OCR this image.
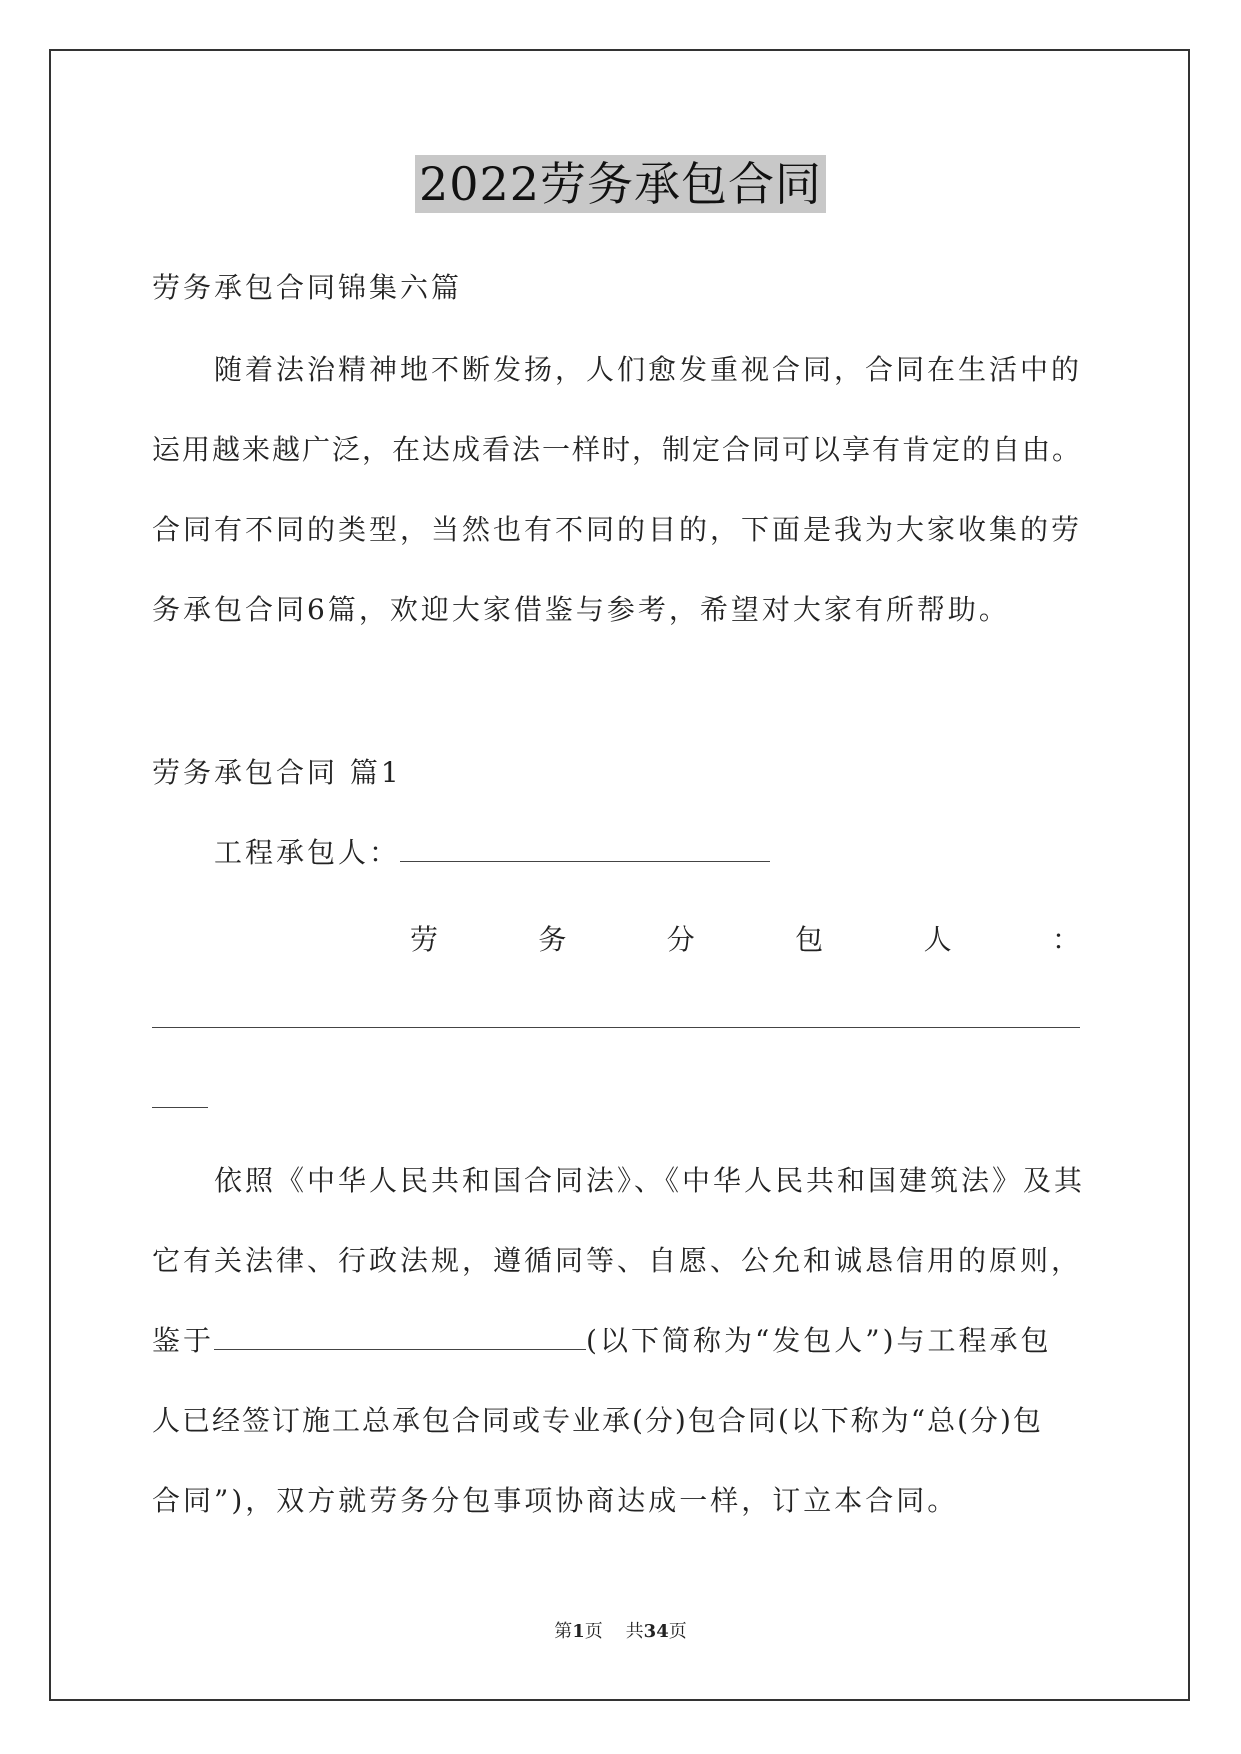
2022劳务承包合同
劳务承包合同锦集六篇
随着法治精神地不断发扬，人们愈发重视合同，合同在生活中的
运用越来越广泛，在达成看法一样时，制定合同可以享有肯定的自由。
合同有不同的类型，当然也有不同的目的，下面是我为大家收集的劳
务承包合同6篇，欢迎大家借鉴与参考，希望对大家有所帮助。
劳务承包合同 篇1
工程承包人：
劳	务	分	包	人	：
依照《中华人民共和国合同法》、《中华人民共和国建筑法》及其
它有关法律、行政法规，遵循同等、自愿、公允和诚恳信用的原则，
鉴于	(以下简称为“发包人”)与工程承包
人已经签订施工总承包合同或专业承(分)包合同(以下称为“总(分)包
合同”)，双方就劳务分包事项协商达成一样，订立本合同。
第1页 共34页
